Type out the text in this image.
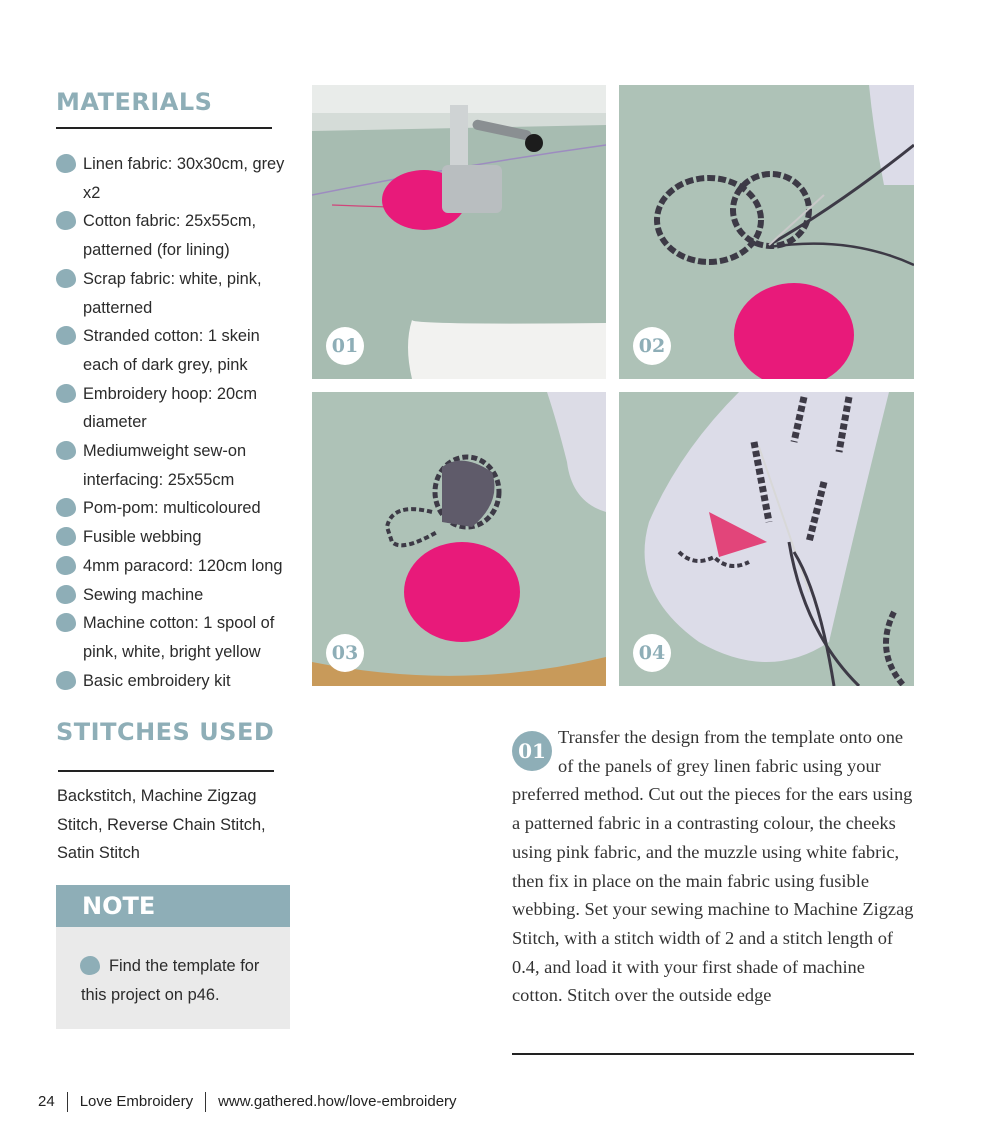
MATERIALS
Linen fabric: 30x30cm, grey x2
Cotton fabric: 25x55cm, patterned (for lining)
Scrap fabric: white, pink, patterned
Stranded cotton: 1 skein each of dark grey, pink
Embroidery hoop: 20cm diameter
Mediumweight sew-on interfacing: 25x55cm
Pom-pom: multicoloured
Fusible webbing
4mm paracord: 120cm long
Sewing machine
Machine cotton: 1 spool of pink, white, bright yellow
Basic embroidery kit
STITCHES USED
Backstitch, Machine Zigzag Stitch, Reverse Chain Stitch, Satin Stitch
NOTE
Find the template for this project on p46.
01	02
03	04
01
Transfer the design from the template onto one of the panels of grey linen fabric using your preferred method. Cut out the pieces for the ears using a patterned fabric in a contrasting colour, the cheeks using pink fabric, and the muzzle using white fabric, then fix in place on the main fabric using fusible webbing. Set your sewing machine to Machine Zigzag Stitch, with a stitch width of 2 and a stitch length of 0.4, and load it with your first shade of machine cotton. Stitch over the outside edge
24 Love Embroidery www.gathered.how/love-embroidery
